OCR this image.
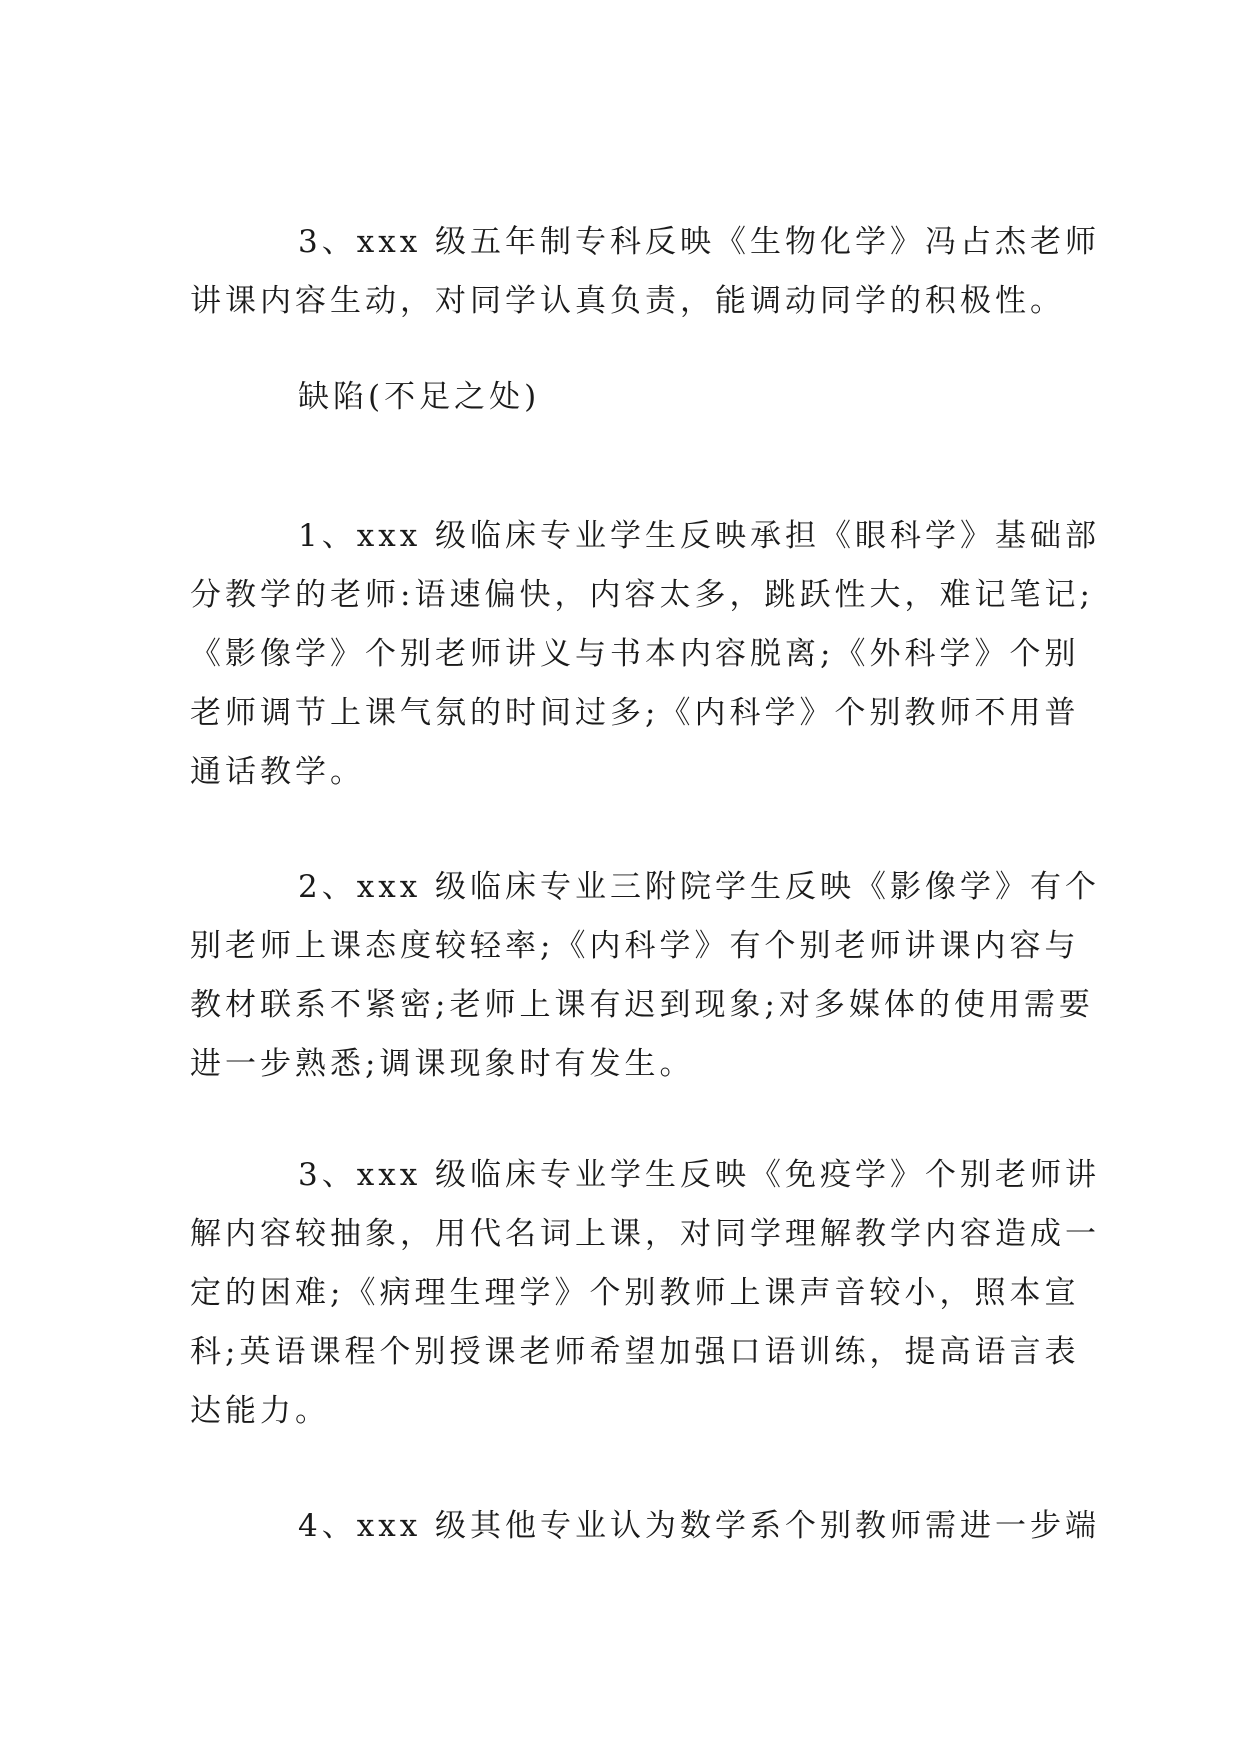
3、xxx 级五年制专科反映《生物化学》冯占杰老师
讲课内容生动，对同学认真负责，能调动同学的积极性。

缺陷(不足之处)

1、xxx 级临床专业学生反映承担《眼科学》基础部
分教学的老师:语速偏快，内容太多，跳跃性大，难记笔记;
《影像学》个别老师讲义与书本内容脱离;《外科学》个别
老师调节上课气氛的时间过多;《内科学》个别教师不用普
通话教学。

2、xxx 级临床专业三附院学生反映《影像学》有个
别老师上课态度较轻率;《内科学》有个别老师讲课内容与
教材联系不紧密;老师上课有迟到现象;对多媒体的使用需要
进一步熟悉;调课现象时有发生。

3、xxx 级临床专业学生反映《免疫学》个别老师讲
解内容较抽象，用代名词上课，对同学理解教学内容造成一
定的困难;《病理生理学》个别教师上课声音较小，照本宣
科;英语课程个别授课老师希望加强口语训练，提高语言表
达能力。

4、xxx 级其他专业认为数学系个别教师需进一步端
